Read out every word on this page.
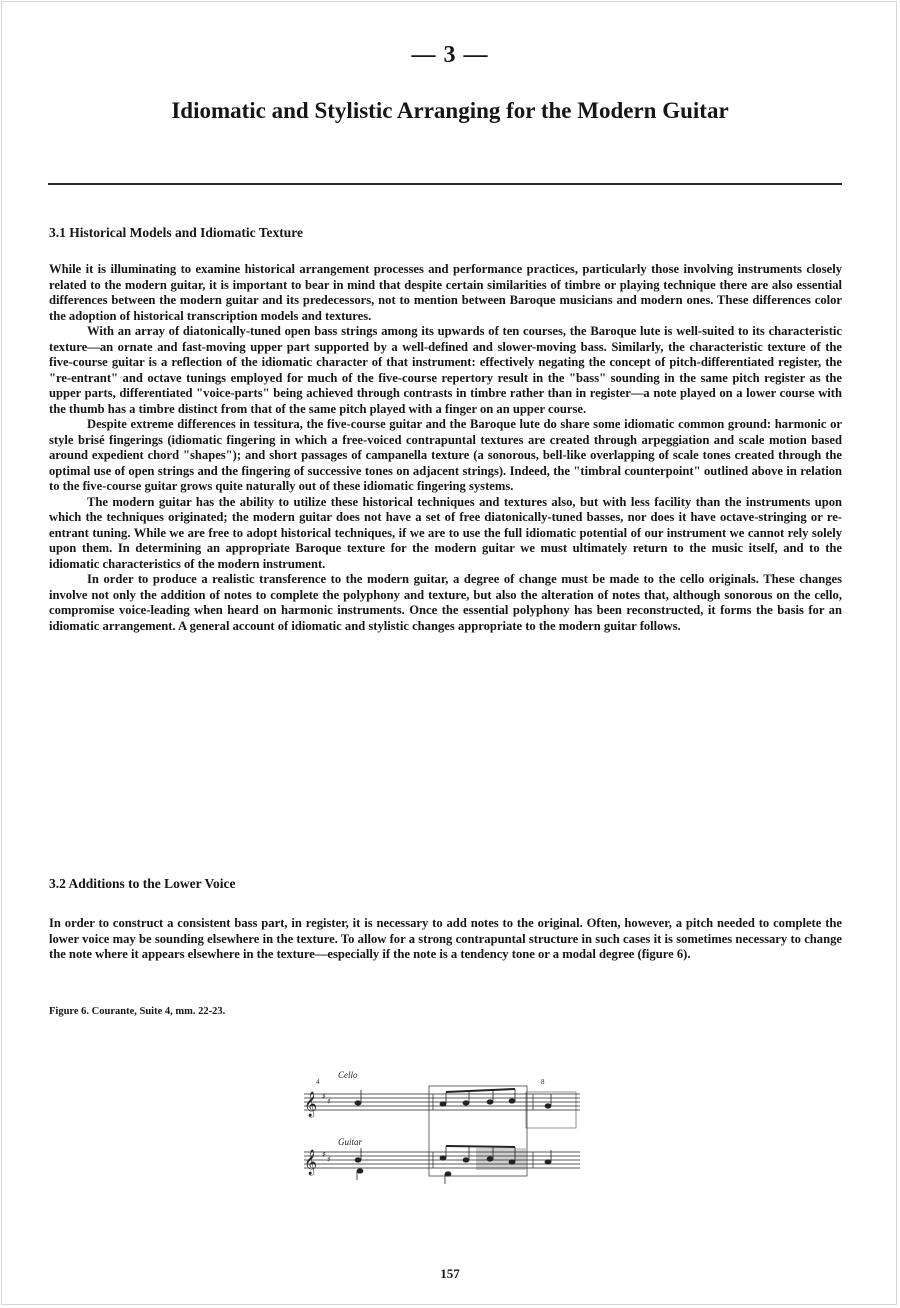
— 3 —
Idiomatic and Stylistic Arranging for the Modern Guitar
3.1 Historical Models and Idiomatic Texture

While it is illuminating to examine historical arrangement processes and performance practices, particularly those involving instruments closely related to the modern guitar, it is important to bear in mind that despite certain similarities of timbre or playing technique there are also essential differences between the modern guitar and its predecessors, not to mention between Baroque musicians and modern ones. These differences color the adoption of historical transcription models and textures.

With an array of diatonically-tuned open bass strings among its upwards of ten courses, the Baroque lute is well-suited to its characteristic texture—an ornate and fast-moving upper part supported by a well-defined and slower-moving bass. Similarly, the characteristic texture of the five-course guitar is a reflection of the idiomatic character of that instrument: effectively negating the concept of pitch-differentiated register, the "re-entrant" and octave tunings employed for much of the five-course repertory result in the "bass" sounding in the same pitch register as the upper parts, differentiated "voice-parts" being achieved through contrasts in timbre rather than in register—a note played on a lower course with the thumb has a timbre distinct from that of the same pitch played with a finger on an upper course.

Despite extreme differences in tessitura, the five-course guitar and the Baroque lute do share some idiomatic common ground: harmonic or style brisé fingerings (idiomatic fingering in which a free-voiced contrapuntal textures are created through arpeggiation and scale motion based around expedient chord "shapes"); and short passages of campanella texture (a sonorous, bell-like overlapping of scale tones created through the optimal use of open strings and the fingering of successive tones on adjacent strings). Indeed, the "timbral counterpoint" outlined above in relation to the five-course guitar grows quite naturally out of these idiomatic fingering systems.

The modern guitar has the ability to utilize these historical techniques and textures also, but with less facility than the instruments upon which the techniques originated; the modern guitar does not have a set of free diatonically-tuned basses, nor does it have octave-stringing or re-entrant tuning. While we are free to adopt historical techniques, if we are to use the full idiomatic potential of our instrument we cannot rely solely upon them. In determining an appropriate Baroque texture for the modern guitar we must ultimately return to the music itself, and to the idiomatic characteristics of the modern instrument.

In order to produce a realistic transference to the modern guitar, a degree of change must be made to the cello originals. These changes involve not only the addition of notes to complete the polyphony and texture, but also the alteration of notes that, although sonorous on the cello, compromise voice-leading when heard on harmonic instruments. Once the essential polyphony has been reconstructed, it forms the basis for an idiomatic arrangement. A general account of idiomatic and stylistic changes appropriate to the modern guitar follows.

3.2 Additions to the Lower Voice

In order to construct a consistent bass part, in register, it is necessary to add notes to the original. Often, however, a pitch needed to complete the lower voice may be sounding elsewhere in the texture. To allow for a strong contrapuntal structure in such cases it is sometimes necessary to change the note where it appears elsewhere in the texture—especially if the note is a tendency tone or a modal degree (figure 6).

Figure 6. Courante, Suite 4, mm. 22-23.
Cello
Guitar
4	8
𝄞
𝄞
♯
♯
♯
♯
157
